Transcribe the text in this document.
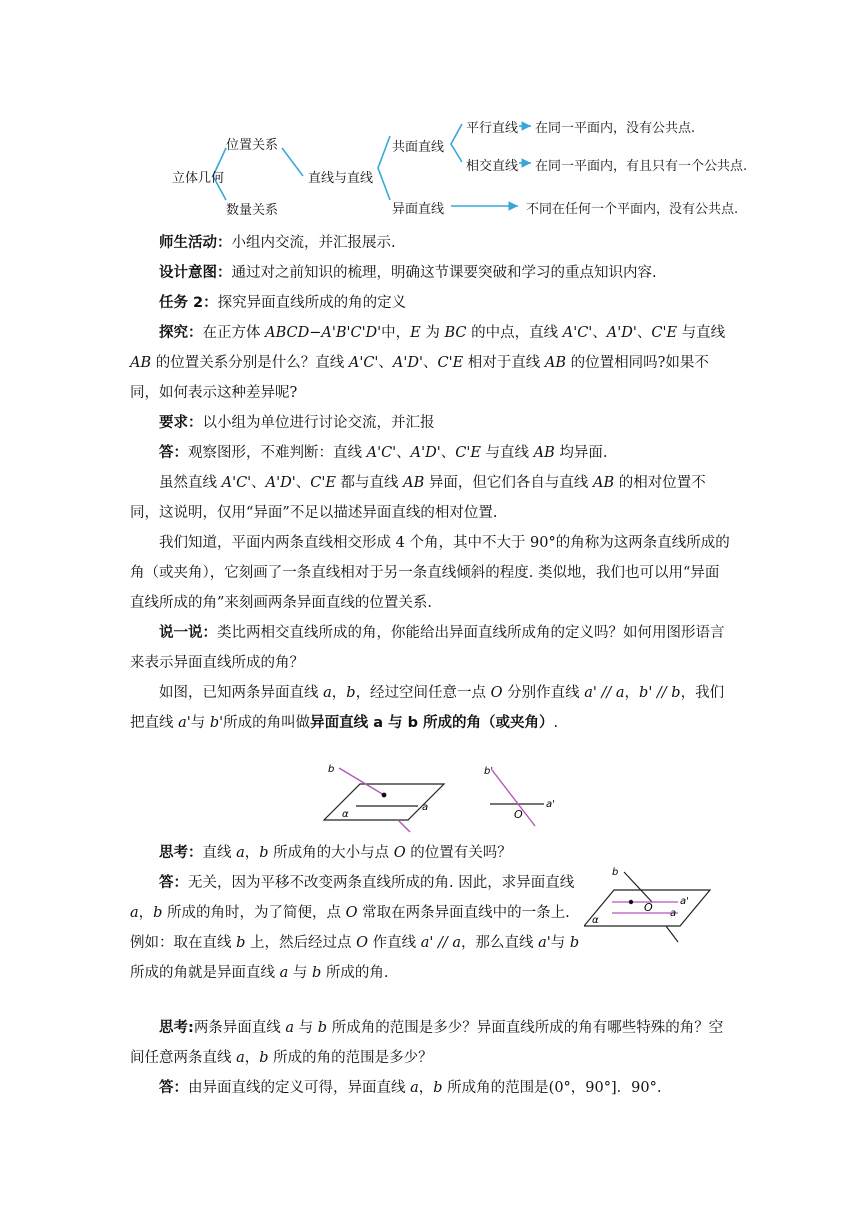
立体几何
位置关系
数量关系
直线与直线
共面直线
异面直线
平行直线
相交直线
在同一平面内，没有公共点.
在同一平面内，有且只有一个公共点.
不同在任何一个平面内，没有公共点.

师生活动：小组内交流，并汇报展示.

设计意图：通过对之前知识的梳理，明确这节课要突破和学习的重点知识内容.

任务 2：探究异面直线所成的角的定义

探究：在正方体 ABCD−A'B'C'D'中，E 为 BC 的中点，直线 A'C'、A'D'、C'E 与直线 AB 的位置关系分别是什么？直线 A'C'、A'D'、C'E 相对于直线 AB 的位置相同吗?如果不同，如何表示这种差异呢?

要求：以小组为单位进行讨论交流，并汇报

答：观察图形，不难判断：直线 A'C'、A'D'、C'E 与直线 AB 均异面.

虽然直线 A'C'、A'D'、C'E 都与直线 AB 异面，但它们各自与直线 AB 的相对位置不同，这说明，仅用“异面”不足以描述异面直线的相对位置.

我们知道，平面内两条直线相交形成 4 个角，其中不大于 90°的角称为这两条直线所成的角（或夹角），它刻画了一条直线相对于另一条直线倾斜的程度. 类似地，我们也可以用“异面直线所成的角”来刻画两条异面直线的位置关系.

说一说：类比两相交直线所成的角，你能给出异面直线所成角的定义吗？如何用图形语言来表示异面直线所成的角？

如图，已知两条异面直线 a，b，经过空间任意一点 O 分别作直线 a' // a，b' // b，我们把直线 a'与 b'所成的角叫做异面直线 a 与 b 所成的角（或夹角）.

b
a
α
b'
a'
O

思考：直线 a，b 所成角的大小与点 O 的位置有关吗？

答：无关，因为平移不改变两条直线所成的角. 因此，求异面直线 a，b 所成的角时，为了简便，点 O 常取在两条异面直线中的一条上. 例如：取在直线 b 上，然后经过点 O 作直线 a' // a，那么直线 a'与 b 所成的角就是异面直线 a 与 b 所成的角.

b
O	a'
a
α

思考:两条异面直线 a 与 b 所成角的范围是多少？异面直线所成的角有哪些特殊的角？空间任意两条直线 a，b 所成的角的范围是多少？

答：由异面直线的定义可得，异面直线 a，b 所成角的范围是(0°，90°]．90°.
